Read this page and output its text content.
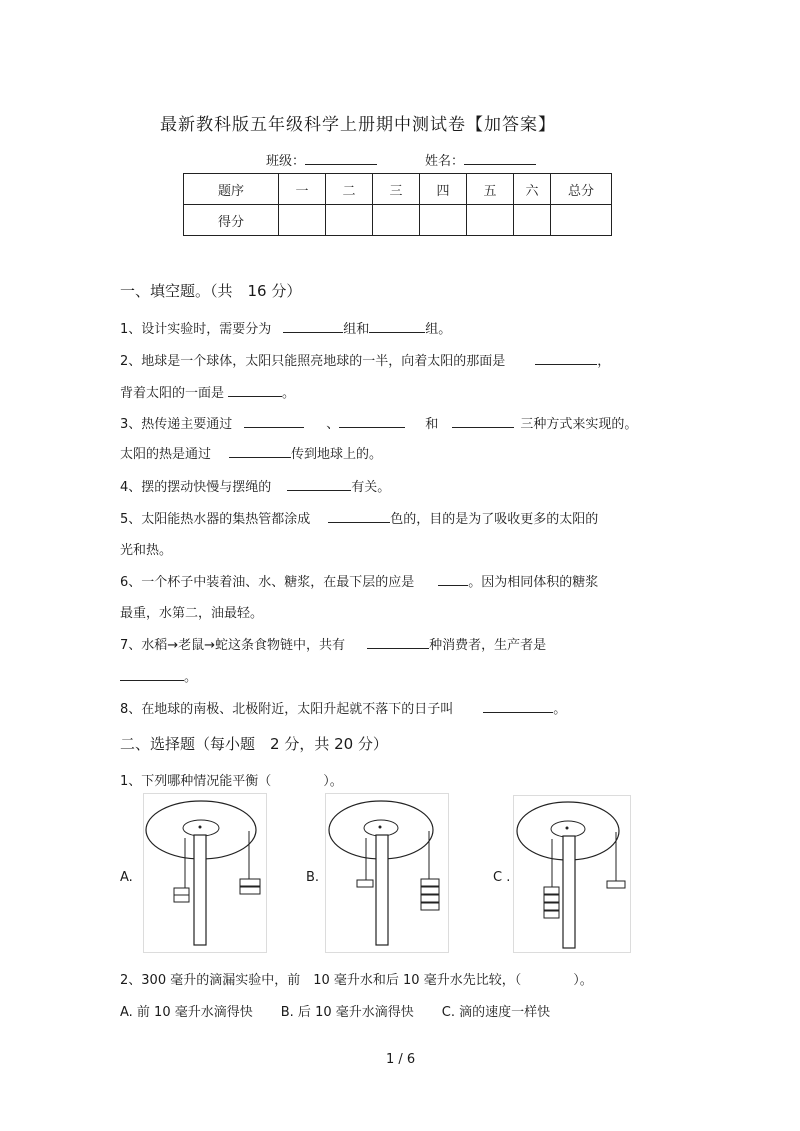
最新教科版五年级科学上册期中测试卷【加答案】
班级：	姓名：
题序	一	二	三	四	五	六	总分
得分							
一、填空题。（共　16 分）
1、设计实验时，需要分为	组和	组。
2、地球是一个球体，太阳只能照亮地球的一半，向着太阳的那面是	，
背着太阳的一面是	。
3、热传递主要通过	、	和	三种方式来实现的。
太阳的热是通过	传到地球上的。
4、摆的摆动快慢与摆绳的	有关。
5、太阳能热水器的集热管都涂成	色的，目的是为了吸收更多的太阳的
光和热。
6、一个杯子中装着油、水、糖浆，在最下层的应是	。因为相同体积的糖浆
最重，水第二，油最轻。
7、水稻→老鼠→蛇这条食物链中，共有	种消费者，生产者是
。
8、在地球的南极、北极附近，太阳升起就不落下的日子叫	。
二、选择题（每小题　2 分，共 20 分）
1、下列哪种情况能平衡（　　　　）。
A.	B.	C .
2、300 毫升的滴漏实验中，前　10 毫升水和后 10 毫升水先比较，（　　　　）。
A. 前 10 毫升水滴得快 B. 后 10 毫升水滴得快 C. 滴的速度一样快
1 / 6
